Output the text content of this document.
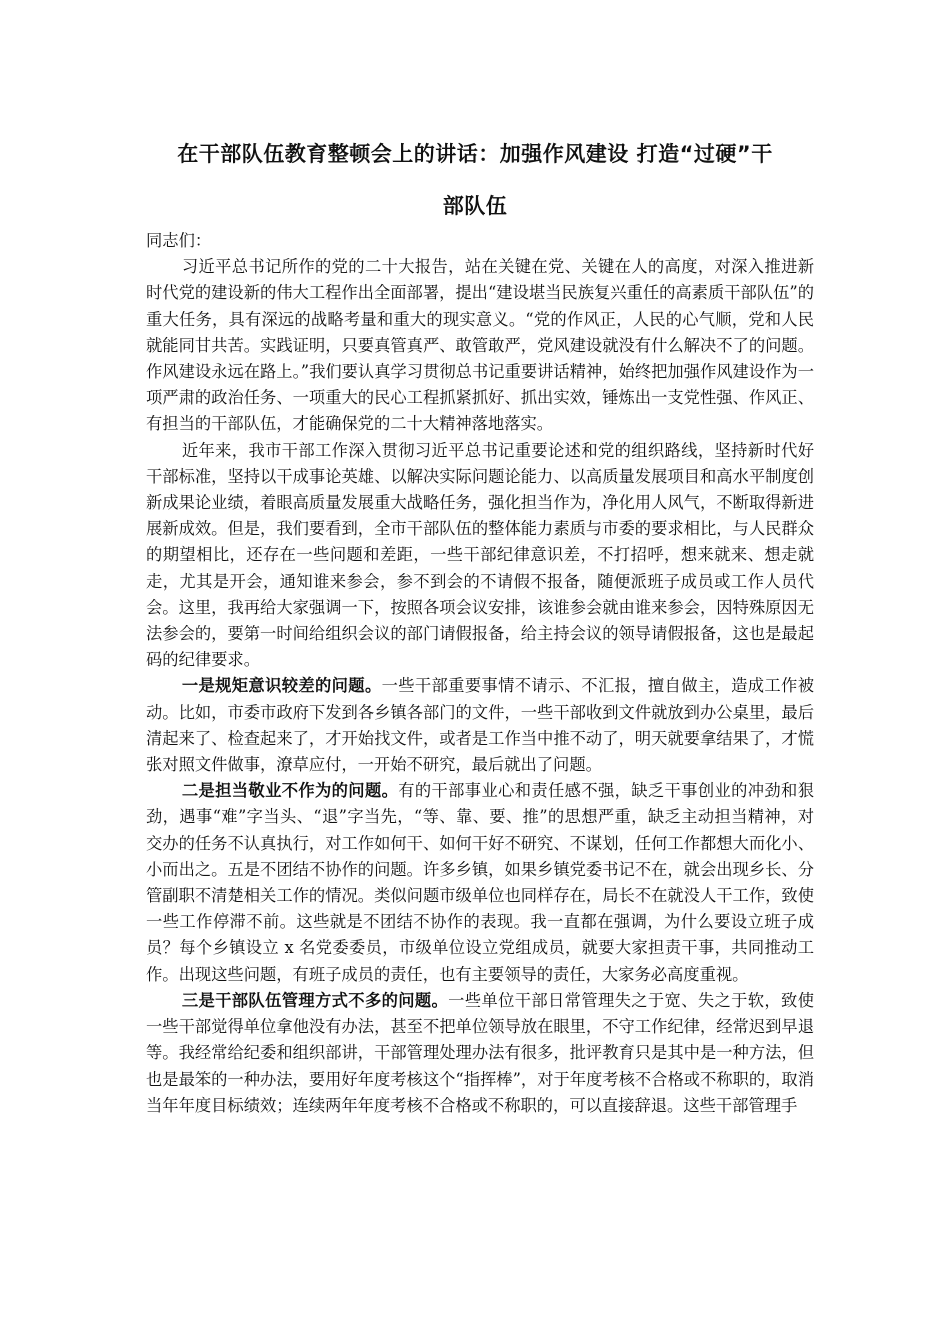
在干部队伍教育整顿会上的讲话：加强作风建设 打造“过硬”干
部队伍

同志们：

习近平总书记所作的党的二十大报告，站在关键在党、关键在人的高度，对深入推进新时代党的建设新的伟大工程作出全面部署，提出“建设堪当民族复兴重任的高素质干部队伍”的重大任务，具有深远的战略考量和重大的现实意义。“党的作风正，人民的心气顺，党和人民就能同甘共苦。实践证明，只要真管真严、敢管敢严，党风建设就没有什么解决不了的问题。作风建设永远在路上。”我们要认真学习贯彻总书记重要讲话精神，始终把加强作风建设作为一项严肃的政治任务、一项重大的民心工程抓紧抓好、抓出实效，锤炼出一支党性强、作风正、有担当的干部队伍，才能确保党的二十大精神落地落实。

近年来，我市干部工作深入贯彻习近平总书记重要论述和党的组织路线，坚持新时代好干部标准，坚持以干成事论英雄、以解决实际问题论能力、以高质量发展项目和高水平制度创新成果论业绩，着眼高质量发展重大战略任务，强化担当作为，净化用人风气，不断取得新进展新成效。但是，我们要看到，全市干部队伍的整体能力素质与市委的要求相比，与人民群众的期望相比，还存在一些问题和差距，一些干部纪律意识差，不打招呼，想来就来、想走就走，尤其是开会，通知谁来参会，参不到会的不请假不报备，随便派班子成员或工作人员代会。这里，我再给大家强调一下，按照各项会议安排，该谁参会就由谁来参会，因特殊原因无法参会的，要第一时间给组织会议的部门请假报备，给主持会议的领导请假报备，这也是最起码的纪律要求。

一是规矩意识较差的问题。一些干部重要事情不请示、不汇报，擅自做主，造成工作被动。比如，市委市政府下发到各乡镇各部门的文件，一些干部收到文件就放到办公桌里，最后清起来了、检查起来了，才开始找文件，或者是工作当中推不动了，明天就要拿结果了，才慌张对照文件做事，潦草应付，一开始不研究，最后就出了问题。

二是担当敬业不作为的问题。有的干部事业心和责任感不强，缺乏干事创业的冲劲和狠劲，遇事“难”字当头、“退”字当先，“等、靠、要、推”的思想严重，缺乏主动担当精神，对交办的任务不认真执行，对工作如何干、如何干好不研究、不谋划，任何工作都想大而化小、小而出之。五是不团结不协作的问题。许多乡镇，如果乡镇党委书记不在，就会出现乡长、分管副职不清楚相关工作的情况。类似问题市级单位也同样存在，局长不在就没人干工作，致使一些工作停滞不前。这些就是不团结不协作的表现。我一直都在强调，为什么要设立班子成员？每个乡镇设立 x 名党委委员，市级单位设立党组成员，就要大家担责干事，共同推动工作。出现这些问题，有班子成员的责任，也有主要领导的责任，大家务必高度重视。

三是干部队伍管理方式不多的问题。一些单位干部日常管理失之于宽、失之于软，致使一些干部觉得单位拿他没有办法，甚至不把单位领导放在眼里，不守工作纪律，经常迟到早退等。我经常给纪委和组织部讲，干部管理处理办法有很多，批评教育只是其中是一种方法，但也是最笨的一种办法，要用好年度考核这个“指挥棒”，对于年度考核不合格或不称职的，取消当年年度目标绩效；连续两年年度考核不合格或不称职的，可以直接辞退。这些干部管理手
